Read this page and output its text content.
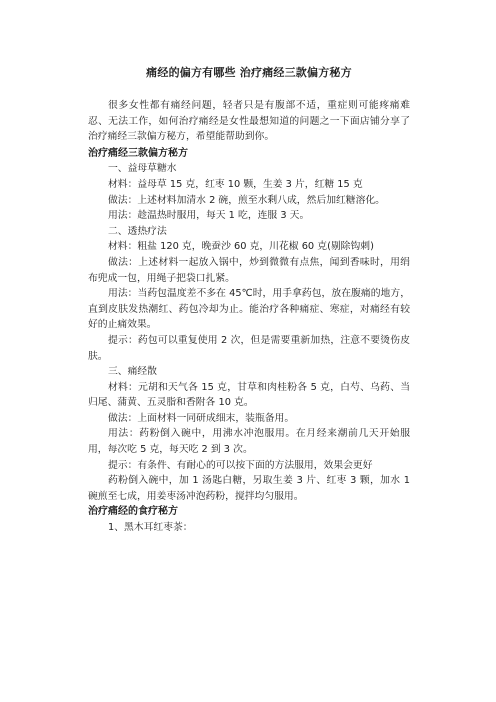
痛经的偏方有哪些 治疗痛经三款偏方秘方

很多女性都有痛经问题，轻者只是有腹部不适，重症则可能疼痛难忍、无法工作，如何治疗痛经是女性最想知道的问题之一下面店铺分享了治疗痛经三款偏方秘方，希望能帮助到你。

治疗痛经三款偏方秘方

一、益母草糖水

材料：益母草 15 克，红枣 10 颗，生姜 3 片，红糖 15 克

做法：上述材料加清水 2 碗，煎至水剩八成，然后加红糖溶化。

用法：趁温热时服用，每天 1 吃，连服 3 天。

二、透热疗法

材料：粗盐 120 克，晚蚕沙 60 克，川花椒 60 克(剔除钩刺)

做法：上述材料一起放入锅中，炒到微微有点焦，闻到香味时，用绢布兜成一包，用绳子把袋口扎紧。

用法：当药包温度差不多在 45℃时，用手拿药包，放在腹痛的地方，直到皮肤发热潮红、药包冷却为止。能治疗各种痛症、寒症，对痛经有较好的止痛效果。

提示：药包可以重复使用 2 次，但是需要重新加热，注意不要烫伤皮肤。

三、痛经散

材料：元胡和天气各 15 克，甘草和肉桂粉各 5 克，白芍、乌药、当归尾、蒲黄、五灵脂和香附各 10 克。

做法：上面材料一同研成细末，装瓶备用。

用法：药粉倒入碗中，用沸水冲泡服用。在月经来潮前几天开始服用，每次吃 5 克，每天吃 2 到 3 次。

提示：有条件、有耐心的可以按下面的方法服用，效果会更好

药粉倒入碗中，加 1 汤匙白糖，另取生姜 3 片、红枣 3 颗，加水 1 碗煎至七成，用姜枣汤冲泡药粉，搅拌均匀服用。

治疗痛经的食疗秘方

1、黑木耳红枣茶：
